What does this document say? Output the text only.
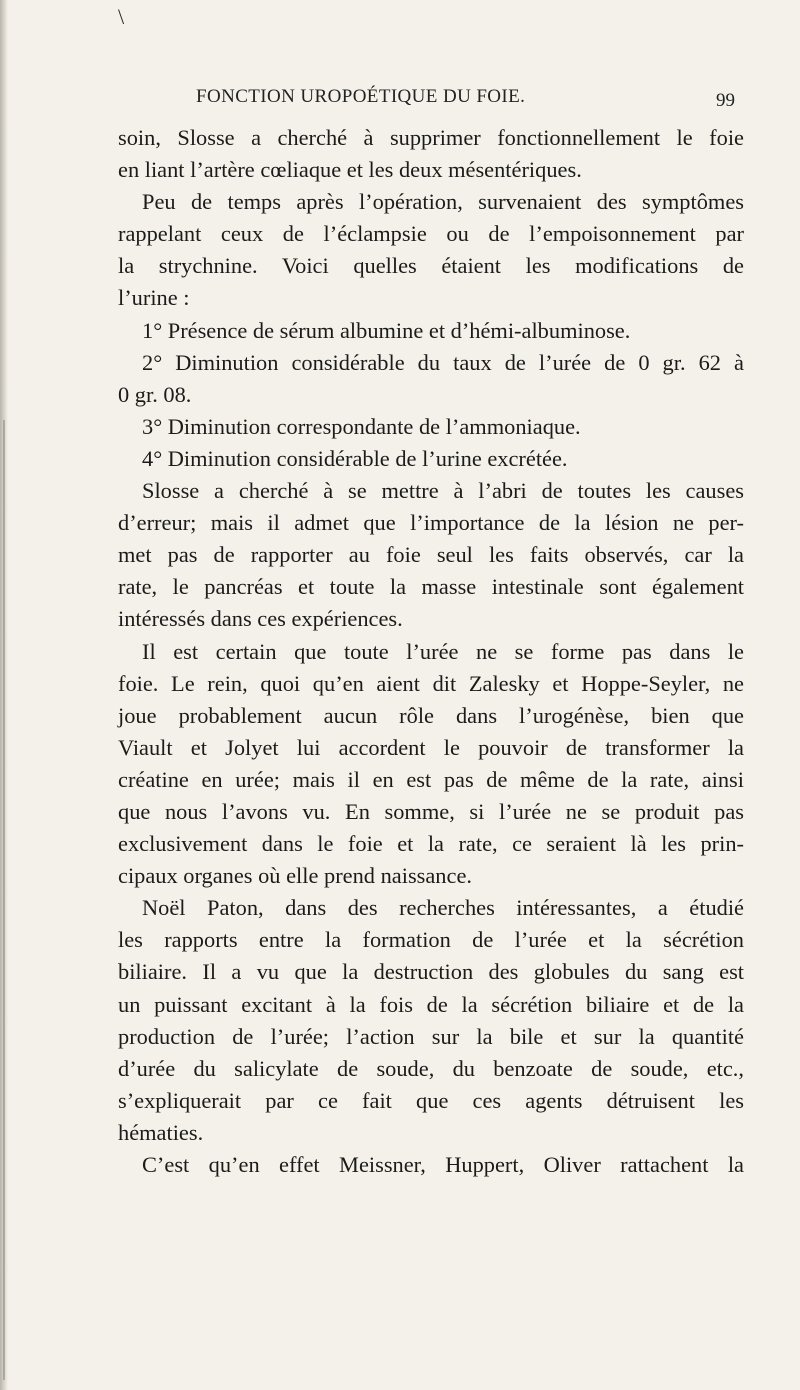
\
FONCTION UROPOÉTIQUE DU FOIE.	99
soin, Slosse a cherché à supprimer fonctionnellement le foie
en liant l’artère cœliaque et les deux mésentériques.
Peu de temps après l’opération, survenaient des symptômes
rappelant ceux de l’éclampsie ou de l’empoisonnement par
la strychnine. Voici quelles étaient les modifications de
l’urine :
1° Présence de sérum albumine et d’hémi-albuminose.
2° Diminution considérable du taux de l’urée de 0 gr. 62 à
0 gr. 08.
3° Diminution correspondante de l’ammoniaque.
4° Diminution considérable de l’urine excrétée.
Slosse a cherché à se mettre à l’abri de toutes les causes
d’erreur; mais il admet que l’importance de la lésion ne per-
met pas de rapporter au foie seul les faits observés, car la
rate, le pancréas et toute la masse intestinale sont également
intéressés dans ces expériences.
Il est certain que toute l’urée ne se forme pas dans le
foie. Le rein, quoi qu’en aient dit Zalesky et Hoppe-Seyler, ne
joue probablement aucun rôle dans l’urogénèse, bien que
Viault et Jolyet lui accordent le pouvoir de transformer la
créatine en urée; mais il en est pas de même de la rate, ainsi
que nous l’avons vu. En somme, si l’urée ne se produit pas
exclusivement dans le foie et la rate, ce seraient là les prin-
cipaux organes où elle prend naissance.
Noël Paton, dans des recherches intéressantes, a étudié
les rapports entre la formation de l’urée et la sécrétion
biliaire. Il a vu que la destruction des globules du sang est
un puissant excitant à la fois de la sécrétion biliaire et de la
production de l’urée; l’action sur la bile et sur la quantité
d’urée du salicylate de soude, du benzoate de soude, etc.,
s’expliquerait par ce fait que ces agents détruisent les
hématies.
C’est qu’en effet Meissner, Huppert, Oliver rattachent la
